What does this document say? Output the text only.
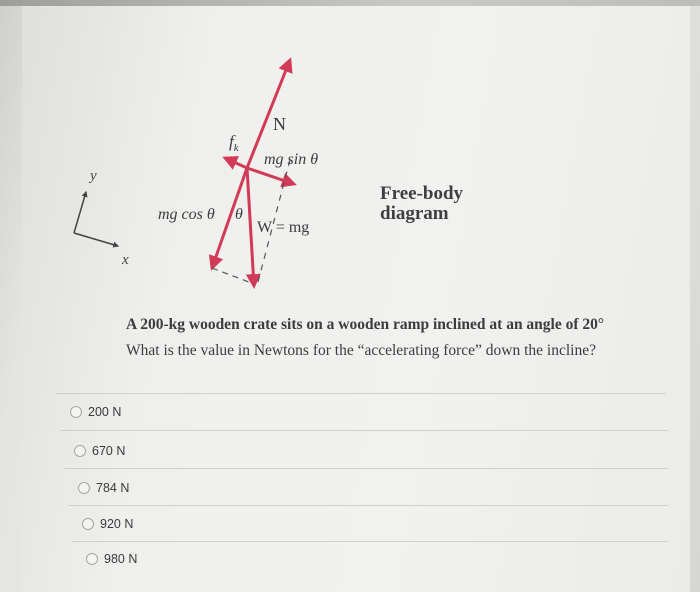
y
x
N
$f_k$
mg sin θ
mg cos θ θ
W = mg
Free-body diagram
A 200-kg wooden crate sits on a wooden ramp inclined at an angle of 20°
What is the value in Newtons for the “accelerating force” down the incline?
200 N
670 N
784 N
920 N
980 N
